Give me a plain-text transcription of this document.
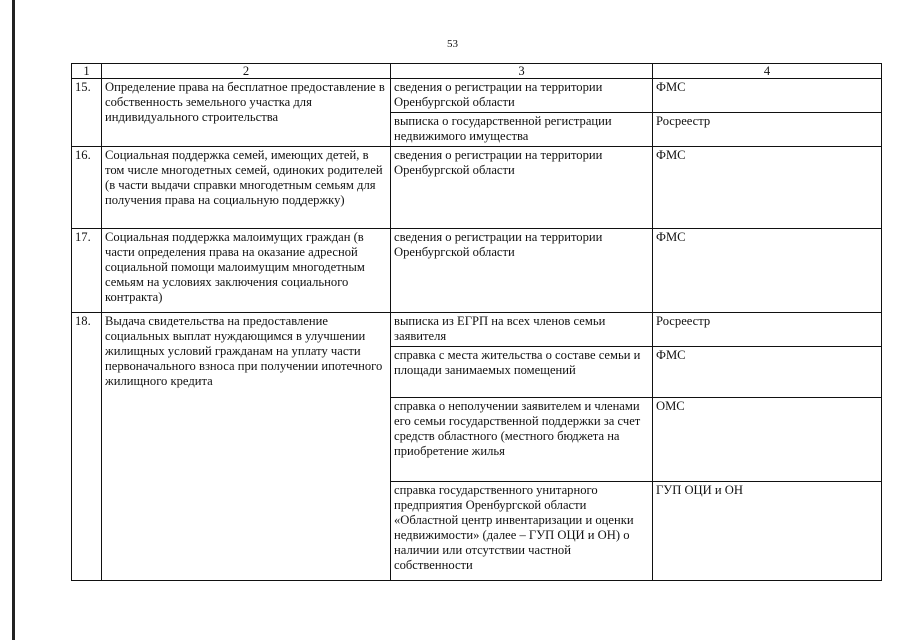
53
1	2	3	4
15.	Определение права на бесплатное предоставление в собственность земельного участка для индивидуального строительства	сведения о регистрации на территории Оренбургской области	ФМС
		выписка о государственной регистрации недвижимого имущества	Росреестр
16.	Социальная поддержка семей, имеющих детей, в том числе многодетных семей, одиноких родителей (в части выдачи справки многодетным семьям для получения права на социальную поддержку)	сведения о регистрации на территории Оренбургской области	ФМС
17.	Социальная поддержка малоимущих граждан (в части определения права на оказание адресной социальной помощи малоимущим многодетным семьям на условиях заключения социального контракта)	сведения о регистрации на территории Оренбургской области	ФМС
18.	Выдача свидетельства на предоставление социальных выплат нуждающимся в улучшении жилищных условий гражданам на уплату части первоначального взноса при получении ипотечного жилищного кредита	выписка из ЕГРП на всех членов семьи заявителя	Росреестр
		справка с места жительства о составе семьи и площади занимаемых помещений	ФМС
		справка о неполучении заявителем и членами его семьи государственной поддержки за счет средств областного (местного бюджета на приобретение жилья	ОМС
		справка государственного унитарного предприятия Оренбургской области «Областной центр инвентаризации и оценки недвижимости» (далее – ГУП ОЦИ и ОН) о наличии или отсутствии частной собственности	ГУП ОЦИ и ОН
